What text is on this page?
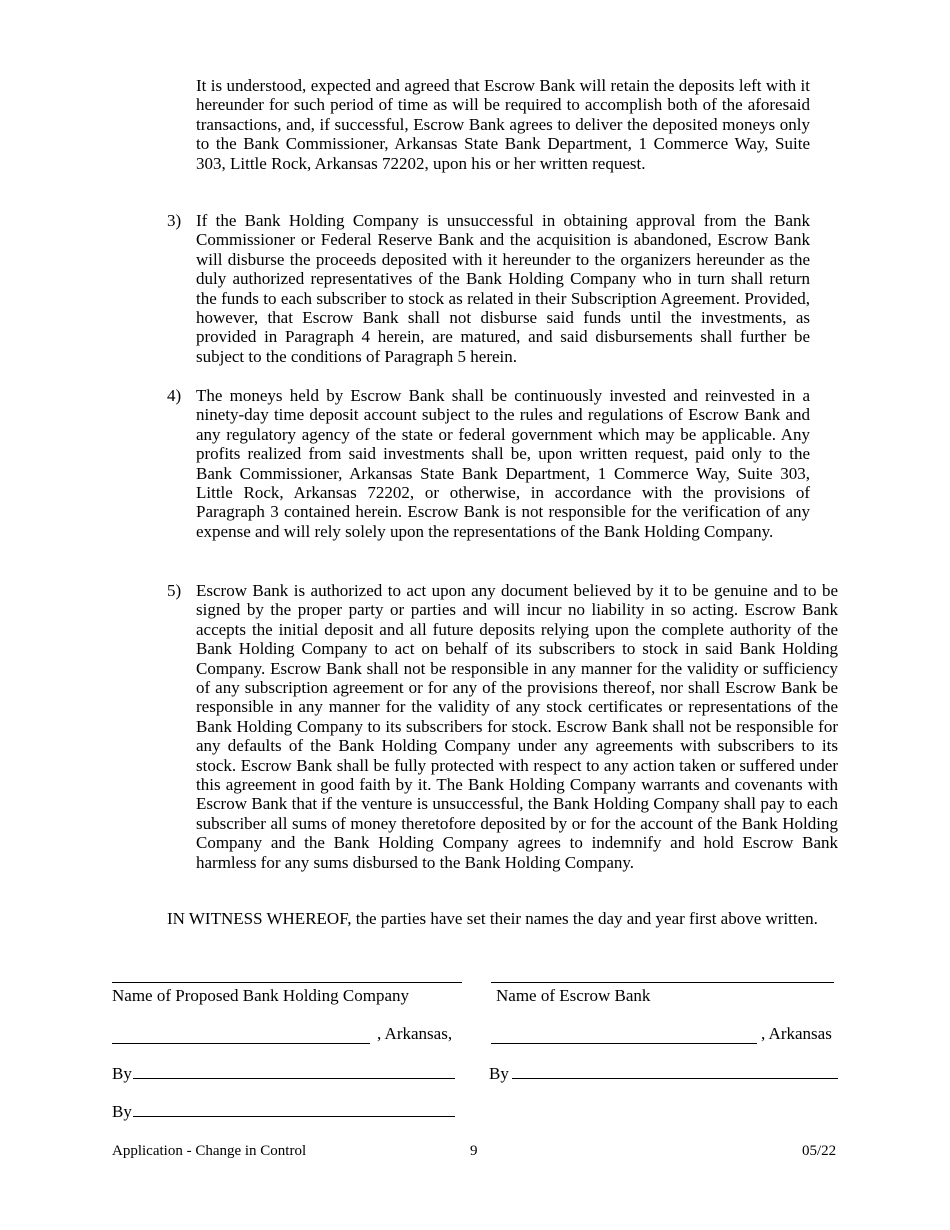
It is understood, expected and agreed that Escrow Bank will retain the deposits left with it hereunder for such period of time as will be required to accomplish both of the aforesaid transactions, and, if successful, Escrow Bank agrees to deliver the deposited moneys only to the Bank Commissioner, Arkansas State Bank Department, 1 Commerce Way, Suite 303, Little Rock, Arkansas 72202, upon his or her written request.

3) If the Bank Holding Company is unsuccessful in obtaining approval from the Bank Commissioner or Federal Reserve Bank and the acquisition is abandoned, Escrow Bank will disburse the proceeds deposited with it hereunder to the organizers hereunder as the duly authorized representatives of the Bank Holding Company who in turn shall return the funds to each subscriber to stock as related in their Subscription Agreement. Provided, however, that Escrow Bank shall not disburse said funds until the investments, as provided in Paragraph 4 herein, are matured, and said disbursements shall further be subject to the conditions of Paragraph 5 herein.

4) The moneys held by Escrow Bank shall be continuously invested and reinvested in a ninety-day time deposit account subject to the rules and regulations of Escrow Bank and any regulatory agency of the state or federal government which may be applicable. Any profits realized from said investments shall be, upon written request, paid only to the Bank Commissioner, Arkansas State Bank Department, 1 Commerce Way, Suite 303, Little Rock, Arkansas 72202, or otherwise, in accordance with the provisions of Paragraph 3 contained herein. Escrow Bank is not responsible for the verification of any expense and will rely solely upon the representations of the Bank Holding Company.

5) Escrow Bank is authorized to act upon any document believed by it to be genuine and to be signed by the proper party or parties and will incur no liability in so acting. Escrow Bank accepts the initial deposit and all future deposits relying upon the complete authority of the Bank Holding Company to act on behalf of its subscribers to stock in said Bank Holding Company. Escrow Bank shall not be responsible in any manner for the validity or sufficiency of any subscription agreement or for any of the provisions thereof, nor shall Escrow Bank be responsible in any manner for the validity of any stock certificates or representations of the Bank Holding Company to its subscribers for stock. Escrow Bank shall not be responsible for any defaults of the Bank Holding Company under any agreements with subscribers to its stock. Escrow Bank shall be fully protected with respect to any action taken or suffered under this agreement in good faith by it. The Bank Holding Company warrants and covenants with Escrow Bank that if the venture is unsuccessful, the Bank Holding Company shall pay to each subscriber all sums of money theretofore deposited by or for the account of the Bank Holding Company and the Bank Holding Company agrees to indemnify and hold Escrow Bank harmless for any sums disbursed to the Bank Holding Company.

IN WITNESS WHEREOF, the parties have set their names the day and year first above written.

Name of Proposed Bank Holding Company	Name of Escrow Bank
, Arkansas,	, Arkansas
By	By
By
Application - Change in Control	9	05/22
